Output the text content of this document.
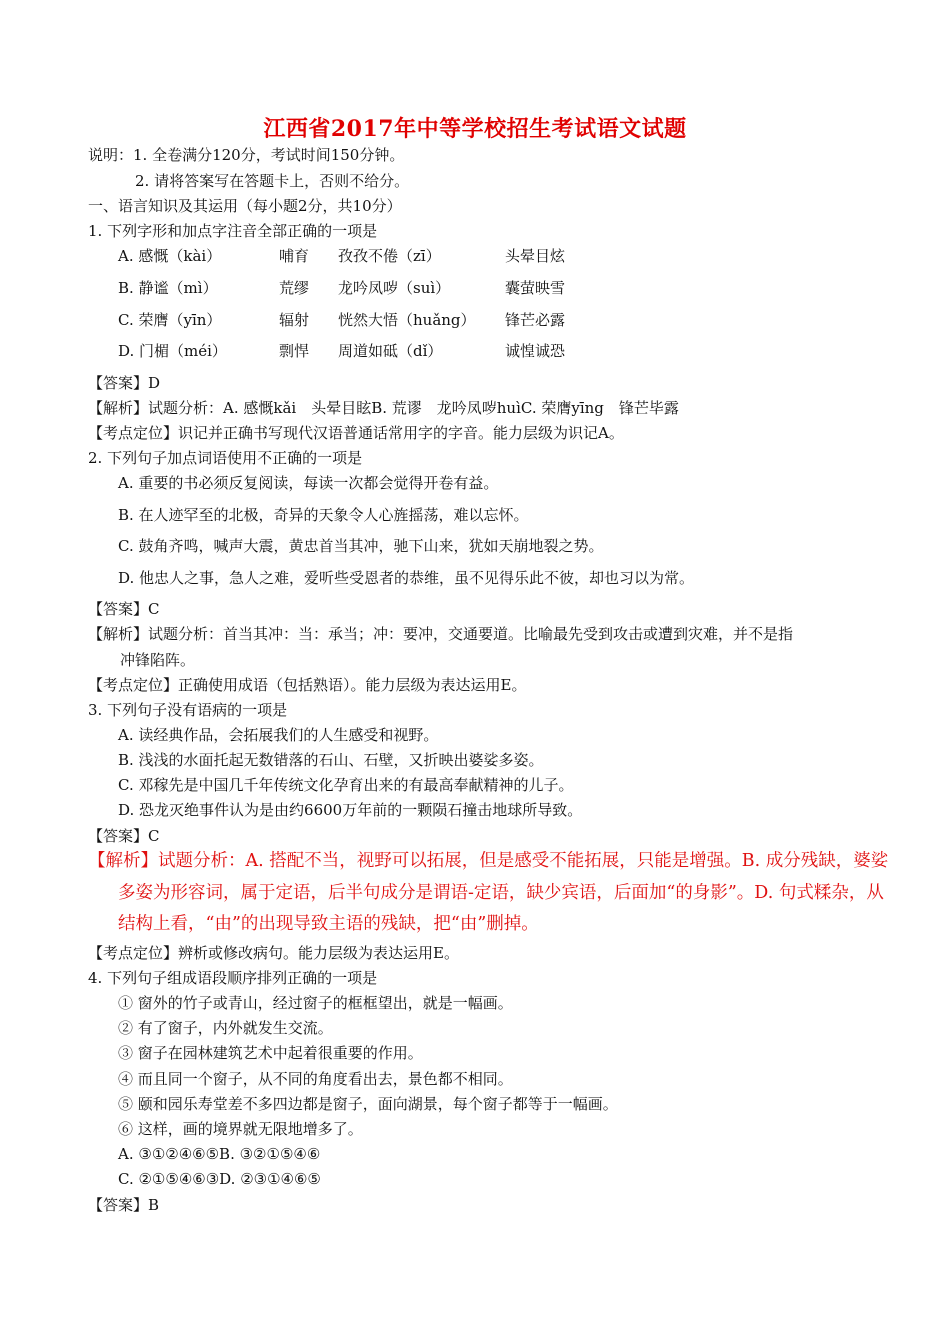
江西省2017年中等学校招生考试语文试题
说明：1. 全卷满分120分，考试时间150分钟。
2. 请将答案写在答题卡上，否则不给分。
一、语言知识及其运用（每小题2分，共10分）
1. 下列字形和加点字注音全部正确的一项是
A. 感慨（kài）	哺育 孜孜不倦（zī）	头晕目炫
B. 静谧（mì）	荒缪 龙吟凤哕（suì）	囊萤映雪
C. 荣膺（yīn）	辐射 恍然大悟（huǎng） 锋芒必露
D. 门楣（méi）	剽悍 周道如砥（dǐ）	诚惶诚恐
【答案】D
【解析】试题分析：A. 感慨kǎi　头晕目眩B. 荒谬　龙吟凤哕huìC. 荣膺yīng　锋芒毕露
【考点定位】识记并正确书写现代汉语普通话常用字的字音。能力层级为识记A。
2. 下列句子加点词语使用不正确的一项是
A. 重要的书必须反复阅读，每读一次都会觉得开卷有益。
B. 在人迹罕至的北极，奇异的天象令人心旌摇荡，难以忘怀。
C. 鼓角齐鸣，喊声大震，黄忠首当其冲，驰下山来，犹如天崩地裂之势。
D. 他忠人之事，急人之难，爱听些受恩者的恭维，虽不见得乐此不彼，却也习以为常。
【答案】C
【解析】试题分析：首当其冲：当：承当；冲：要冲，交通要道。比喻最先受到攻击或遭到灾难，并不是指
冲锋陷阵。
【考点定位】正确使用成语（包括熟语）。能力层级为表达运用E。
3. 下列句子没有语病的一项是
A. 读经典作品，会拓展我们的人生感受和视野。
B. 浅浅的水面托起无数错落的石山、石壁，又折映出婆娑多姿。
C. 邓稼先是中国几千年传统文化孕育出来的有最高奉献精神的儿子。
D. 恐龙灭绝事件认为是由约6600万年前的一颗陨石撞击地球所导致。
【答案】C
【解析】试题分析：A. 搭配不当，视野可以拓展，但是感受不能拓展，只能是增强。B. 成分残缺，婆娑
多姿为形容词，属于定语，后半句成分是谓语-定语，缺少宾语，后面加“的身影”。D. 句式糅杂，从
结构上看，“由”的出现导致主语的残缺，把“由”删掉。
【考点定位】辨析或修改病句。能力层级为表达运用E。
4. 下列句子组成语段顺序排列正确的一项是
① 窗外的竹子或青山，经过窗子的框框望出，就是一幅画。
② 有了窗子，内外就发生交流。
③ 窗子在园林建筑艺术中起着很重要的作用。
④ 而且同一个窗子，从不同的角度看出去，景色都不相同。
⑤ 颐和园乐寿堂差不多四边都是窗子，面向湖景，每个窗子都等于一幅画。
⑥ 这样，画的境界就无限地增多了。
A. ③①②④⑥⑤B. ③②①⑤④⑥
C. ②①⑤④⑥③D. ②③①④⑥⑤
【答案】B
